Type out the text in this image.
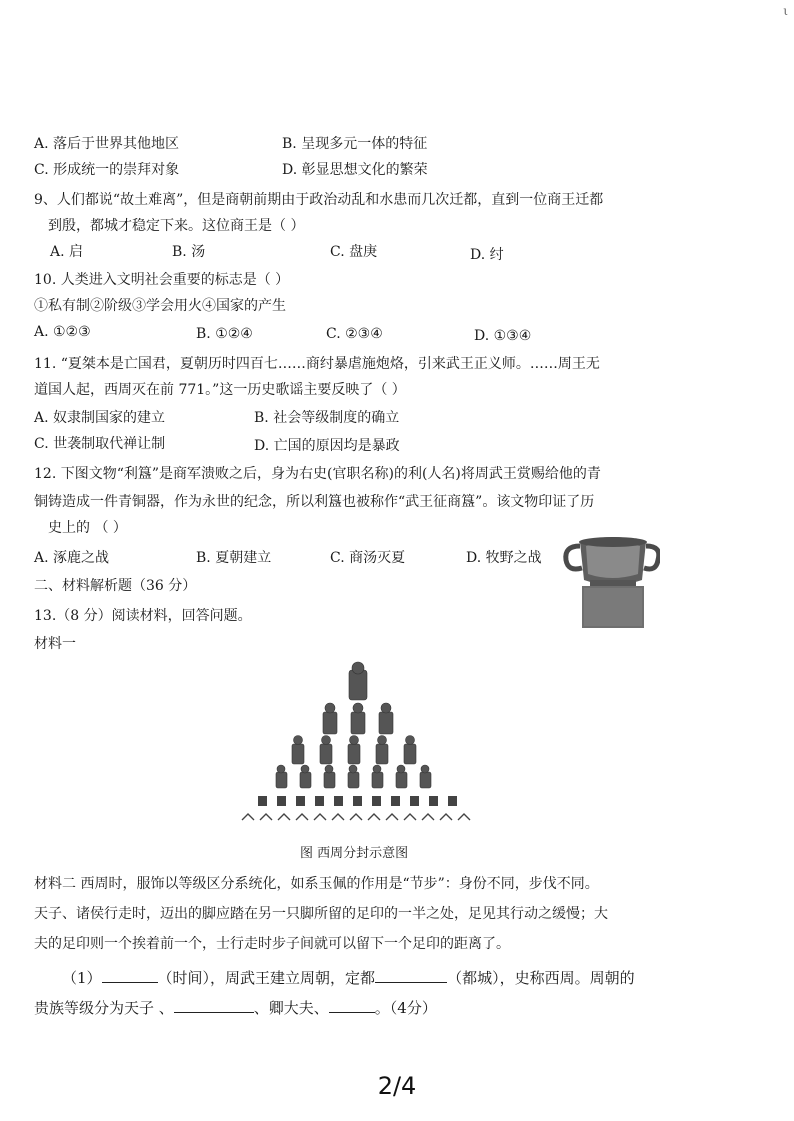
ι
A. 落后于世界其他地区	B. 呈现多元一体的特征
C. 形成统一的崇拜对象	D. 彰显思想文化的繁荣
9、人们都说“故土难离”，但是商朝前期由于政治动乱和水患而几次迁都，直到一位商王迁都
到殷，都城才稳定下来。这位商王是（ ）
A. 启	B. 汤	C. 盘庚	D. 纣
10. 人类进入文明社会重要的标志是（ ）
①私有制②阶级③学会用火④国家的产生
A. ①②③	B. ①②④	C. ②③④	D. ①③④
11. “夏桀本是亡国君，夏朝历时四百七……商纣暴虐施炮烙，引来武王正义师。……周王无
道国人起，西周灭在前 771。”这一历史歌谣主要反映了（ ）
A. 奴隶制国家的建立	B. 社会等级制度的确立
C. 世袭制取代禅让制	D. 亡国的原因均是暴政
12. 下图文物“利簋”是商军溃败之后，身为右史(官职名称)的利(人名)将周武王赏赐给他的青
铜铸造成一件青铜器，作为永世的纪念，所以利簋也被称作“武王征商簋”。该文物印证了历
史上的 （ ）
A. 涿鹿之战	B. 夏朝建立	C. 商汤灭夏	D. 牧野之战
二、材料解析题（36 分）
13.（8 分）阅读材料，回答问题。
材料一
图 西周分封示意图
材料二 西周时，服饰以等级区分系统化，如系玉佩的作用是“节步”：身份不同，步伐不同。
天子、诸侯行走时，迈出的脚应踏在另一只脚所留的足印的一半之处，足见其行动之缓慢；大
夫的足印则一个挨着前一个，士行走时步子间就可以留下一个足印的距离了。
（1）	（时间），周武王建立周朝，定都	（都城），史称西周。周朝的
贵族等级分为天子 、	、卿大夫、	。（4分）
2/4
